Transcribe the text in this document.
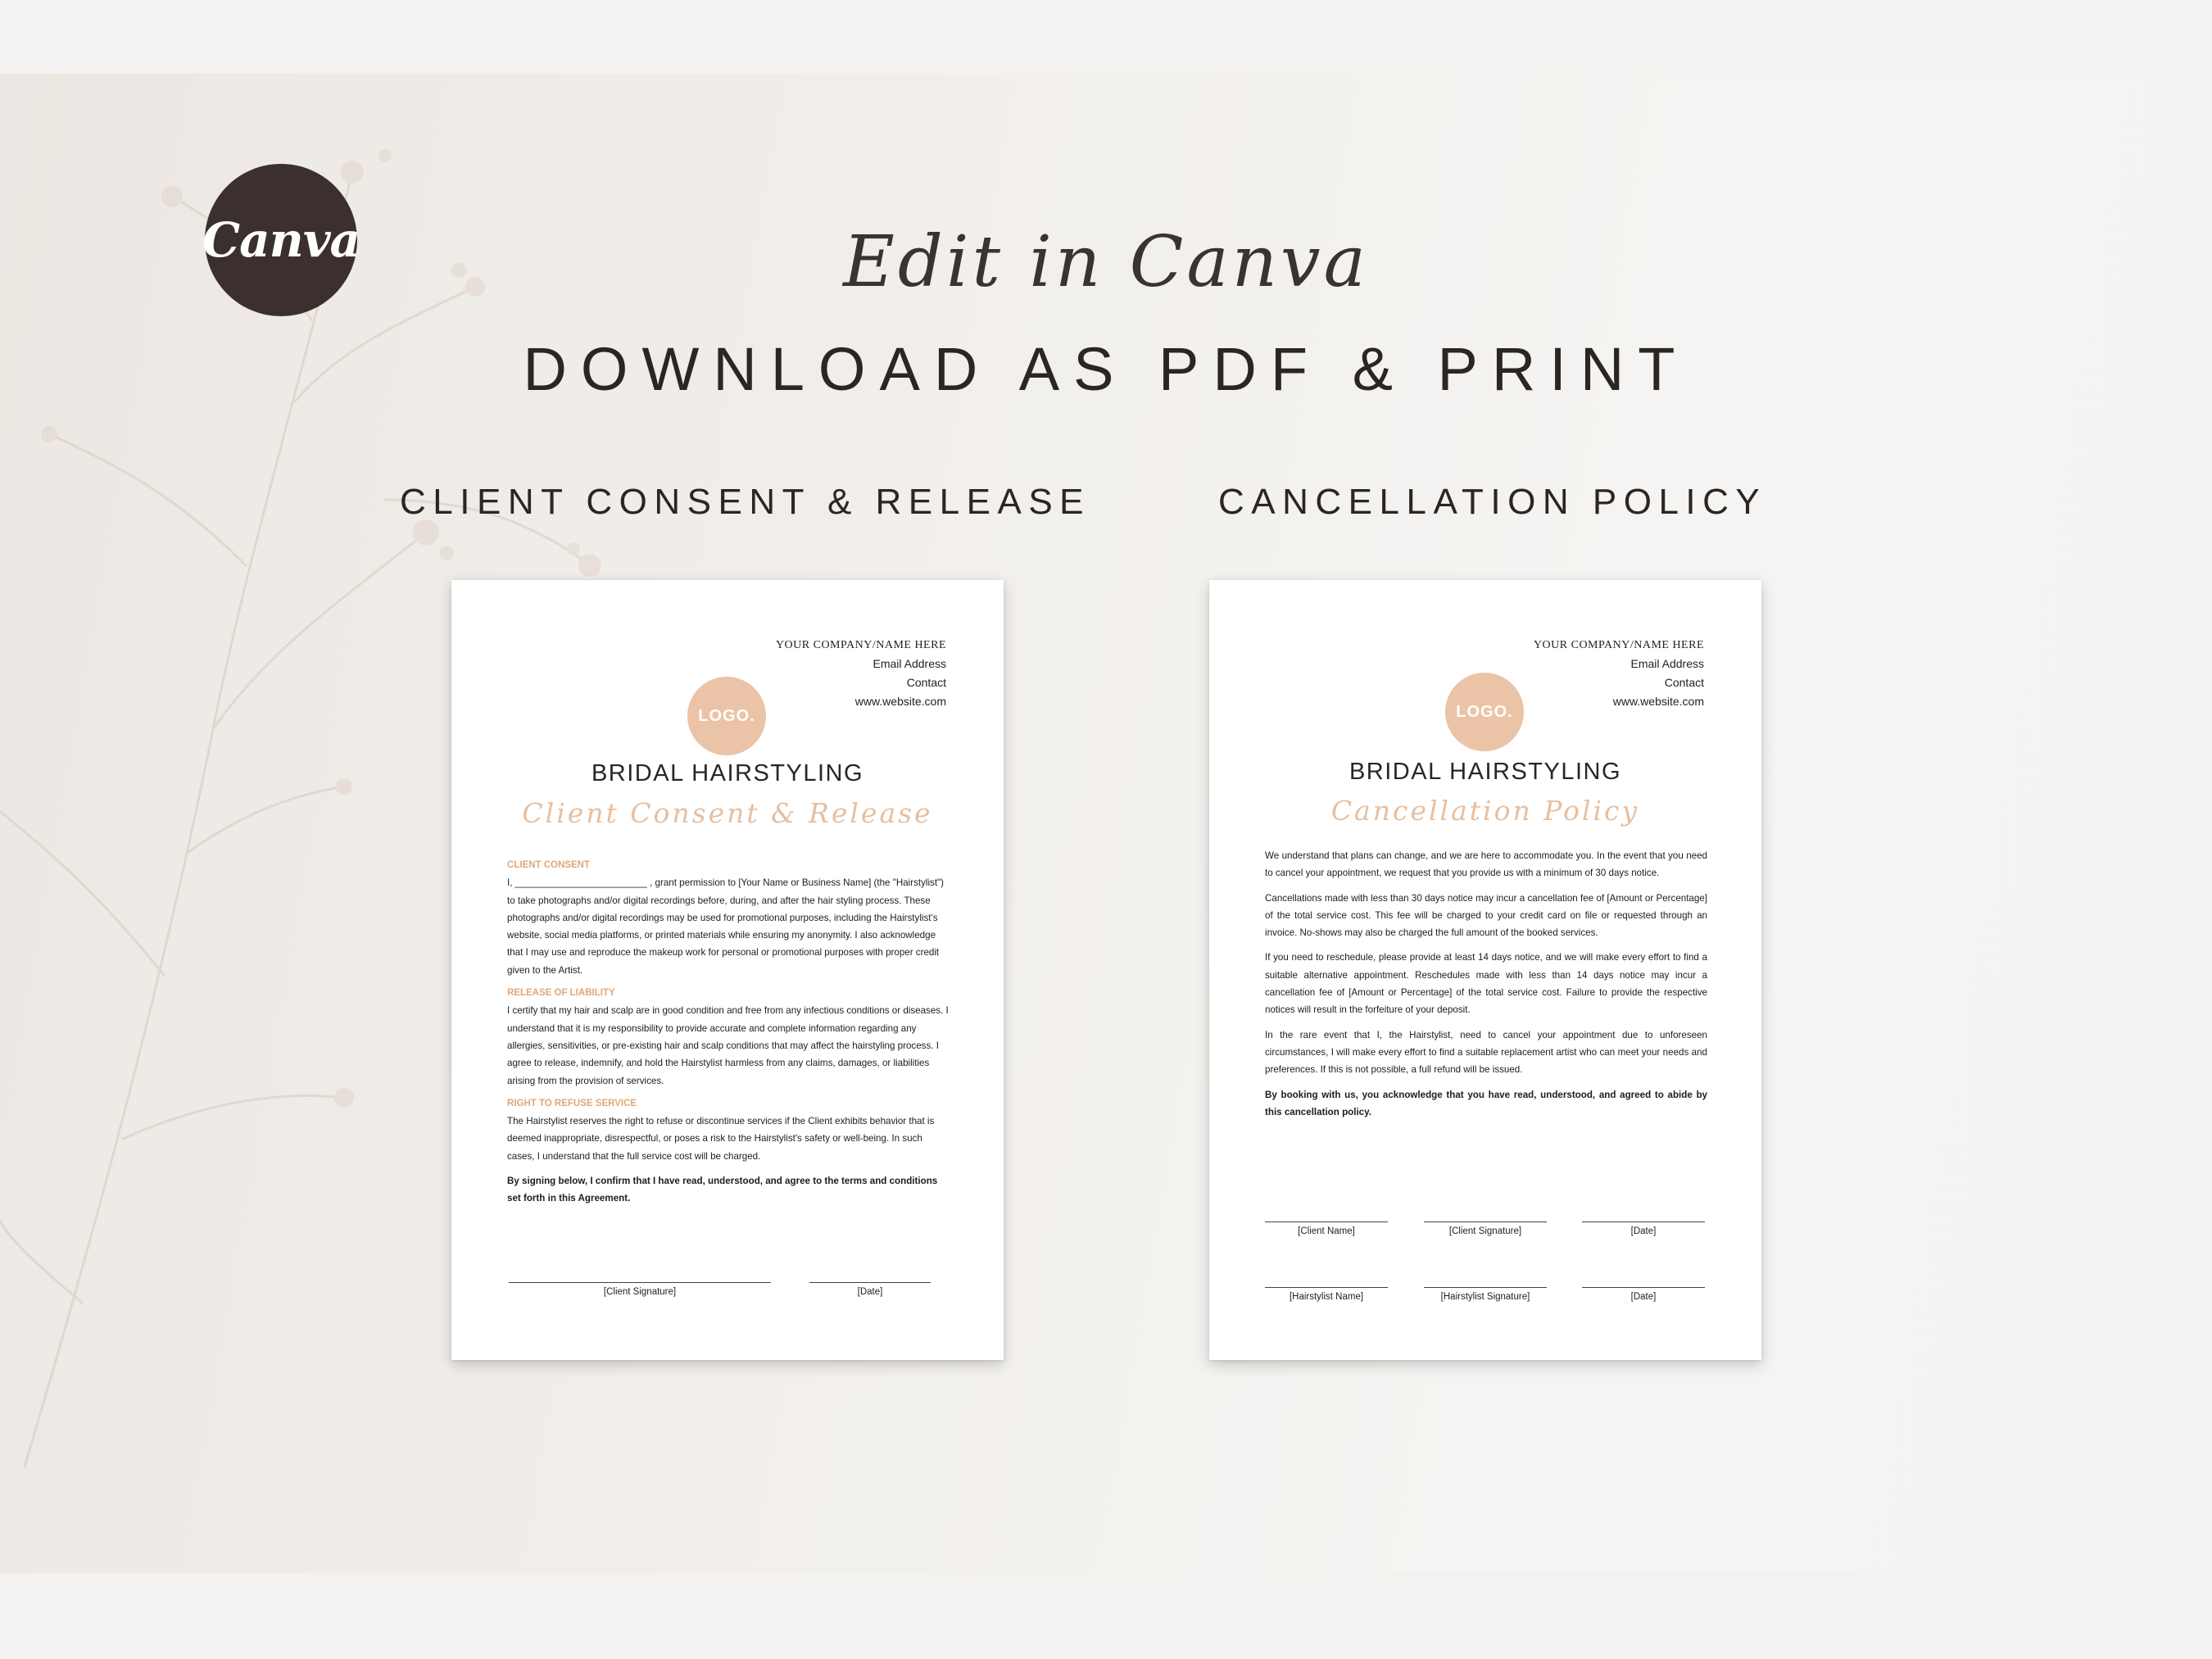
Canva	Edit in Canva
DOWNLOAD AS PDF & PRINT
CLIENT CONSENT & RELEASE	CANCELLATION POLICY
YOUR COMPANY/NAME HERE
Email Address
Contact
www.website.com
LOGO.
BRIDAL HAIRSTYLING
Client Consent & Release
CLIENT CONSENT

I, _________________________ , grant permission to [Your Name or Business Name] (the "Hairstylist") to take photographs and/or digital recordings before, during, and after the hair styling process. These photographs and/or digital recordings may be used for promotional purposes, including the Hairstylist's website, social media platforms, or printed materials while ensuring my anonymity. I also acknowledge that I may use and reproduce the makeup work for personal or promotional purposes with proper credit given to the Artist.

RELEASE OF LIABILITY

I certify that my hair and scalp are in good condition and free from any infectious conditions or diseases. I understand that it is my responsibility to provide accurate and complete information regarding any allergies, sensitivities, or pre-existing hair and scalp conditions that may affect the hairstyling process. I agree to release, indemnify, and hold the Hairstylist harmless from any claims, damages, or liabilities arising from the provision of services.

RIGHT TO REFUSE SERVICE

The Hairstylist reserves the right to refuse or discontinue services if the Client exhibits behavior that is deemed inappropriate, disrespectful, or poses a risk to the Hairstylist's safety or well-being. In such cases, I understand that the full service cost will be charged.

By signing below, I confirm that I have read, understood, and agree to the terms and conditions set forth in this Agreement.

[Client Signature]	[Date]
YOUR COMPANY/NAME HERE
Email Address
Contact
www.website.com
LOGO.
BRIDAL HAIRSTYLING
Cancellation Policy

We understand that plans can change, and we are here to accommodate you. In the event that you need to cancel your appointment, we request that you provide us with a minimum of 30 days notice.

Cancellations made with less than 30 days notice may incur a cancellation fee of [Amount or Percentage] of the total service cost. This fee will be charged to your credit card on file or requested through an invoice. No-shows may also be charged the full amount of the booked services.

If you need to reschedule, please provide at least 14 days notice, and we will make every effort to find a suitable alternative appointment. Reschedules made with less than 14 days notice may incur a cancellation fee of [Amount or Percentage] of the total service cost. Failure to provide the respective notices will result in the forfeiture of your deposit.

In the rare event that I, the Hairstylist, need to cancel your appointment due to unforeseen circumstances, I will make every effort to find a suitable replacement artist who can meet your needs and preferences. If this is not possible, a full refund will be issued.

By booking with us, you acknowledge that you have read, understood, and agreed to abide by this cancellation policy.

[Client Name]	[Client Signature]	[Date]
[Hairstylist Name]	[Hairstylist Signature]	[Date]
